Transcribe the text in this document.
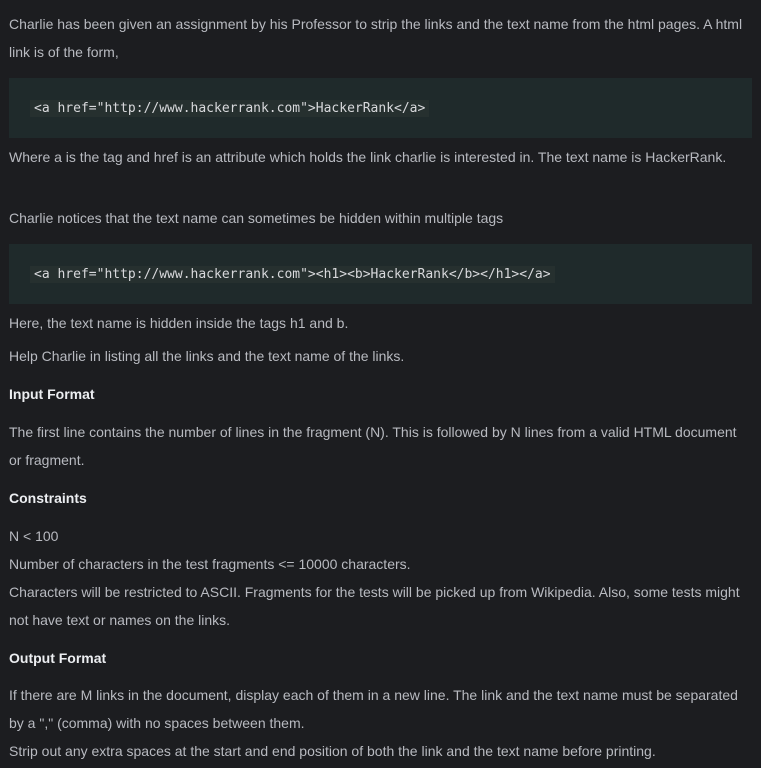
Charlie has been given an assignment by his Professor to strip the links and the text name from the html pages. A html link is of the form,

<a href="http://www.hackerrank.com">HackerRank</a>

Where a is the tag and href is an attribute which holds the link charlie is interested in. The text name is HackerRank.

Charlie notices that the text name can sometimes be hidden within multiple tags

<a href="http://www.hackerrank.com"><h1><b>HackerRank</b></h1></a>

Here, the text name is hidden inside the tags h1 and b.

Help Charlie in listing all the links and the text name of the links.

Input Format

The first line contains the number of lines in the fragment (N). This is followed by N lines from a valid HTML document or fragment.

Constraints

N < 100

Number of characters in the test fragments <= 10000 characters.

Characters will be restricted to ASCII. Fragments for the tests will be picked up from Wikipedia. Also, some tests might not have text or names on the links.

Output Format

If there are M links in the document, display each of them in a new line. The link and the text name must be separated by a "," (comma) with no spaces between them.

Strip out any extra spaces at the start and end position of both the link and the text name before printing.
